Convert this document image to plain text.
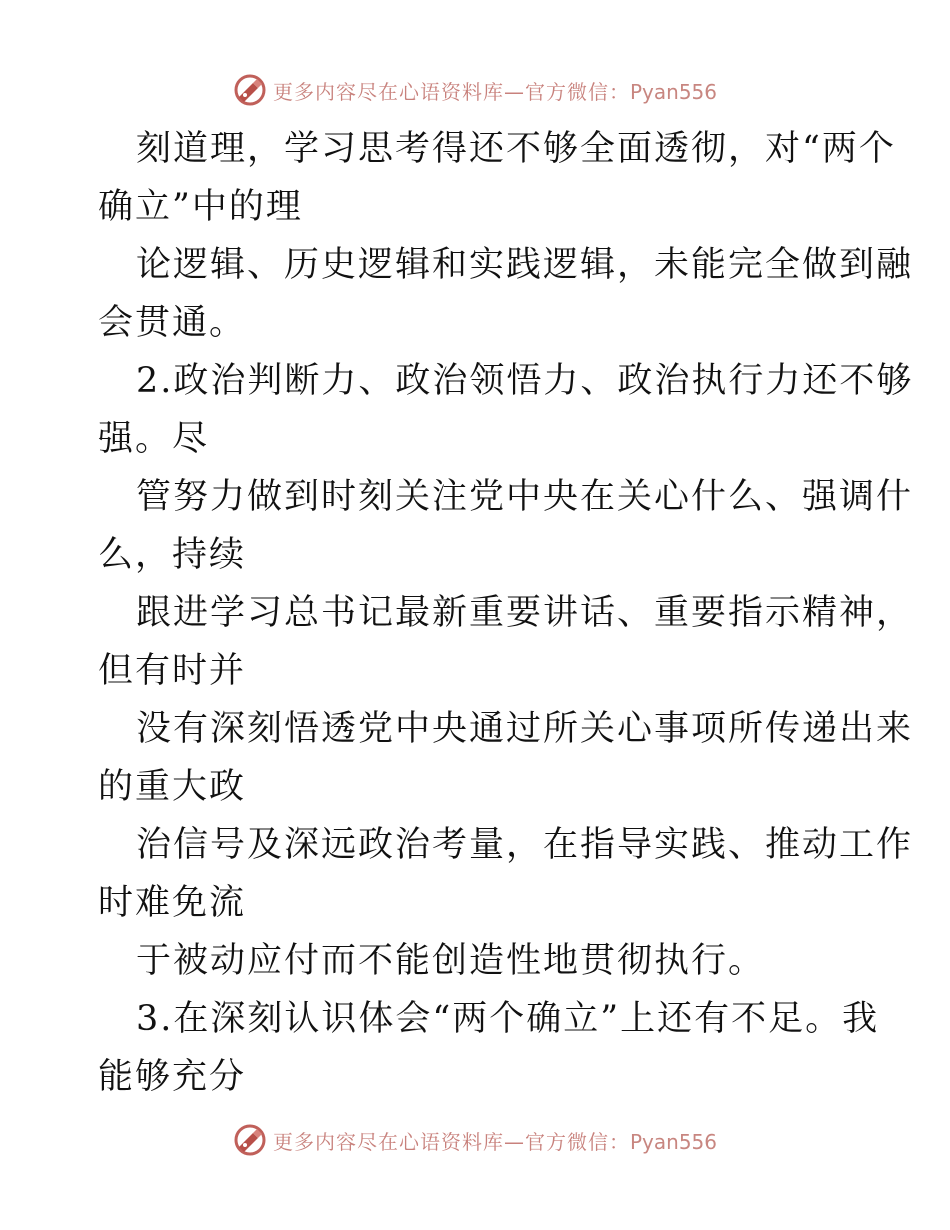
更多内容尽在心语资料库—官方微信：Pyan556
刻道理，学习思考得还不够全面透彻，对“两个
确立”中的理
论逻辑、历史逻辑和实践逻辑，未能完全做到融
会贯通。
2.政治判断力、政治领悟力、政治执行力还不够
强。尽
管努力做到时刻关注党中央在关心什么、强调什
么，持续
跟进学习总书记最新重要讲话、重要指示精神，
但有时并
没有深刻悟透党中央通过所关心事项所传递出来
的重大政
治信号及深远政治考量，在指导实践、推动工作
时难免流
于被动应付而不能创造性地贯彻执行。
3.在深刻认识体会“两个确立”上还有不足。我
能够充分
更多内容尽在心语资料库—官方微信：Pyan556
